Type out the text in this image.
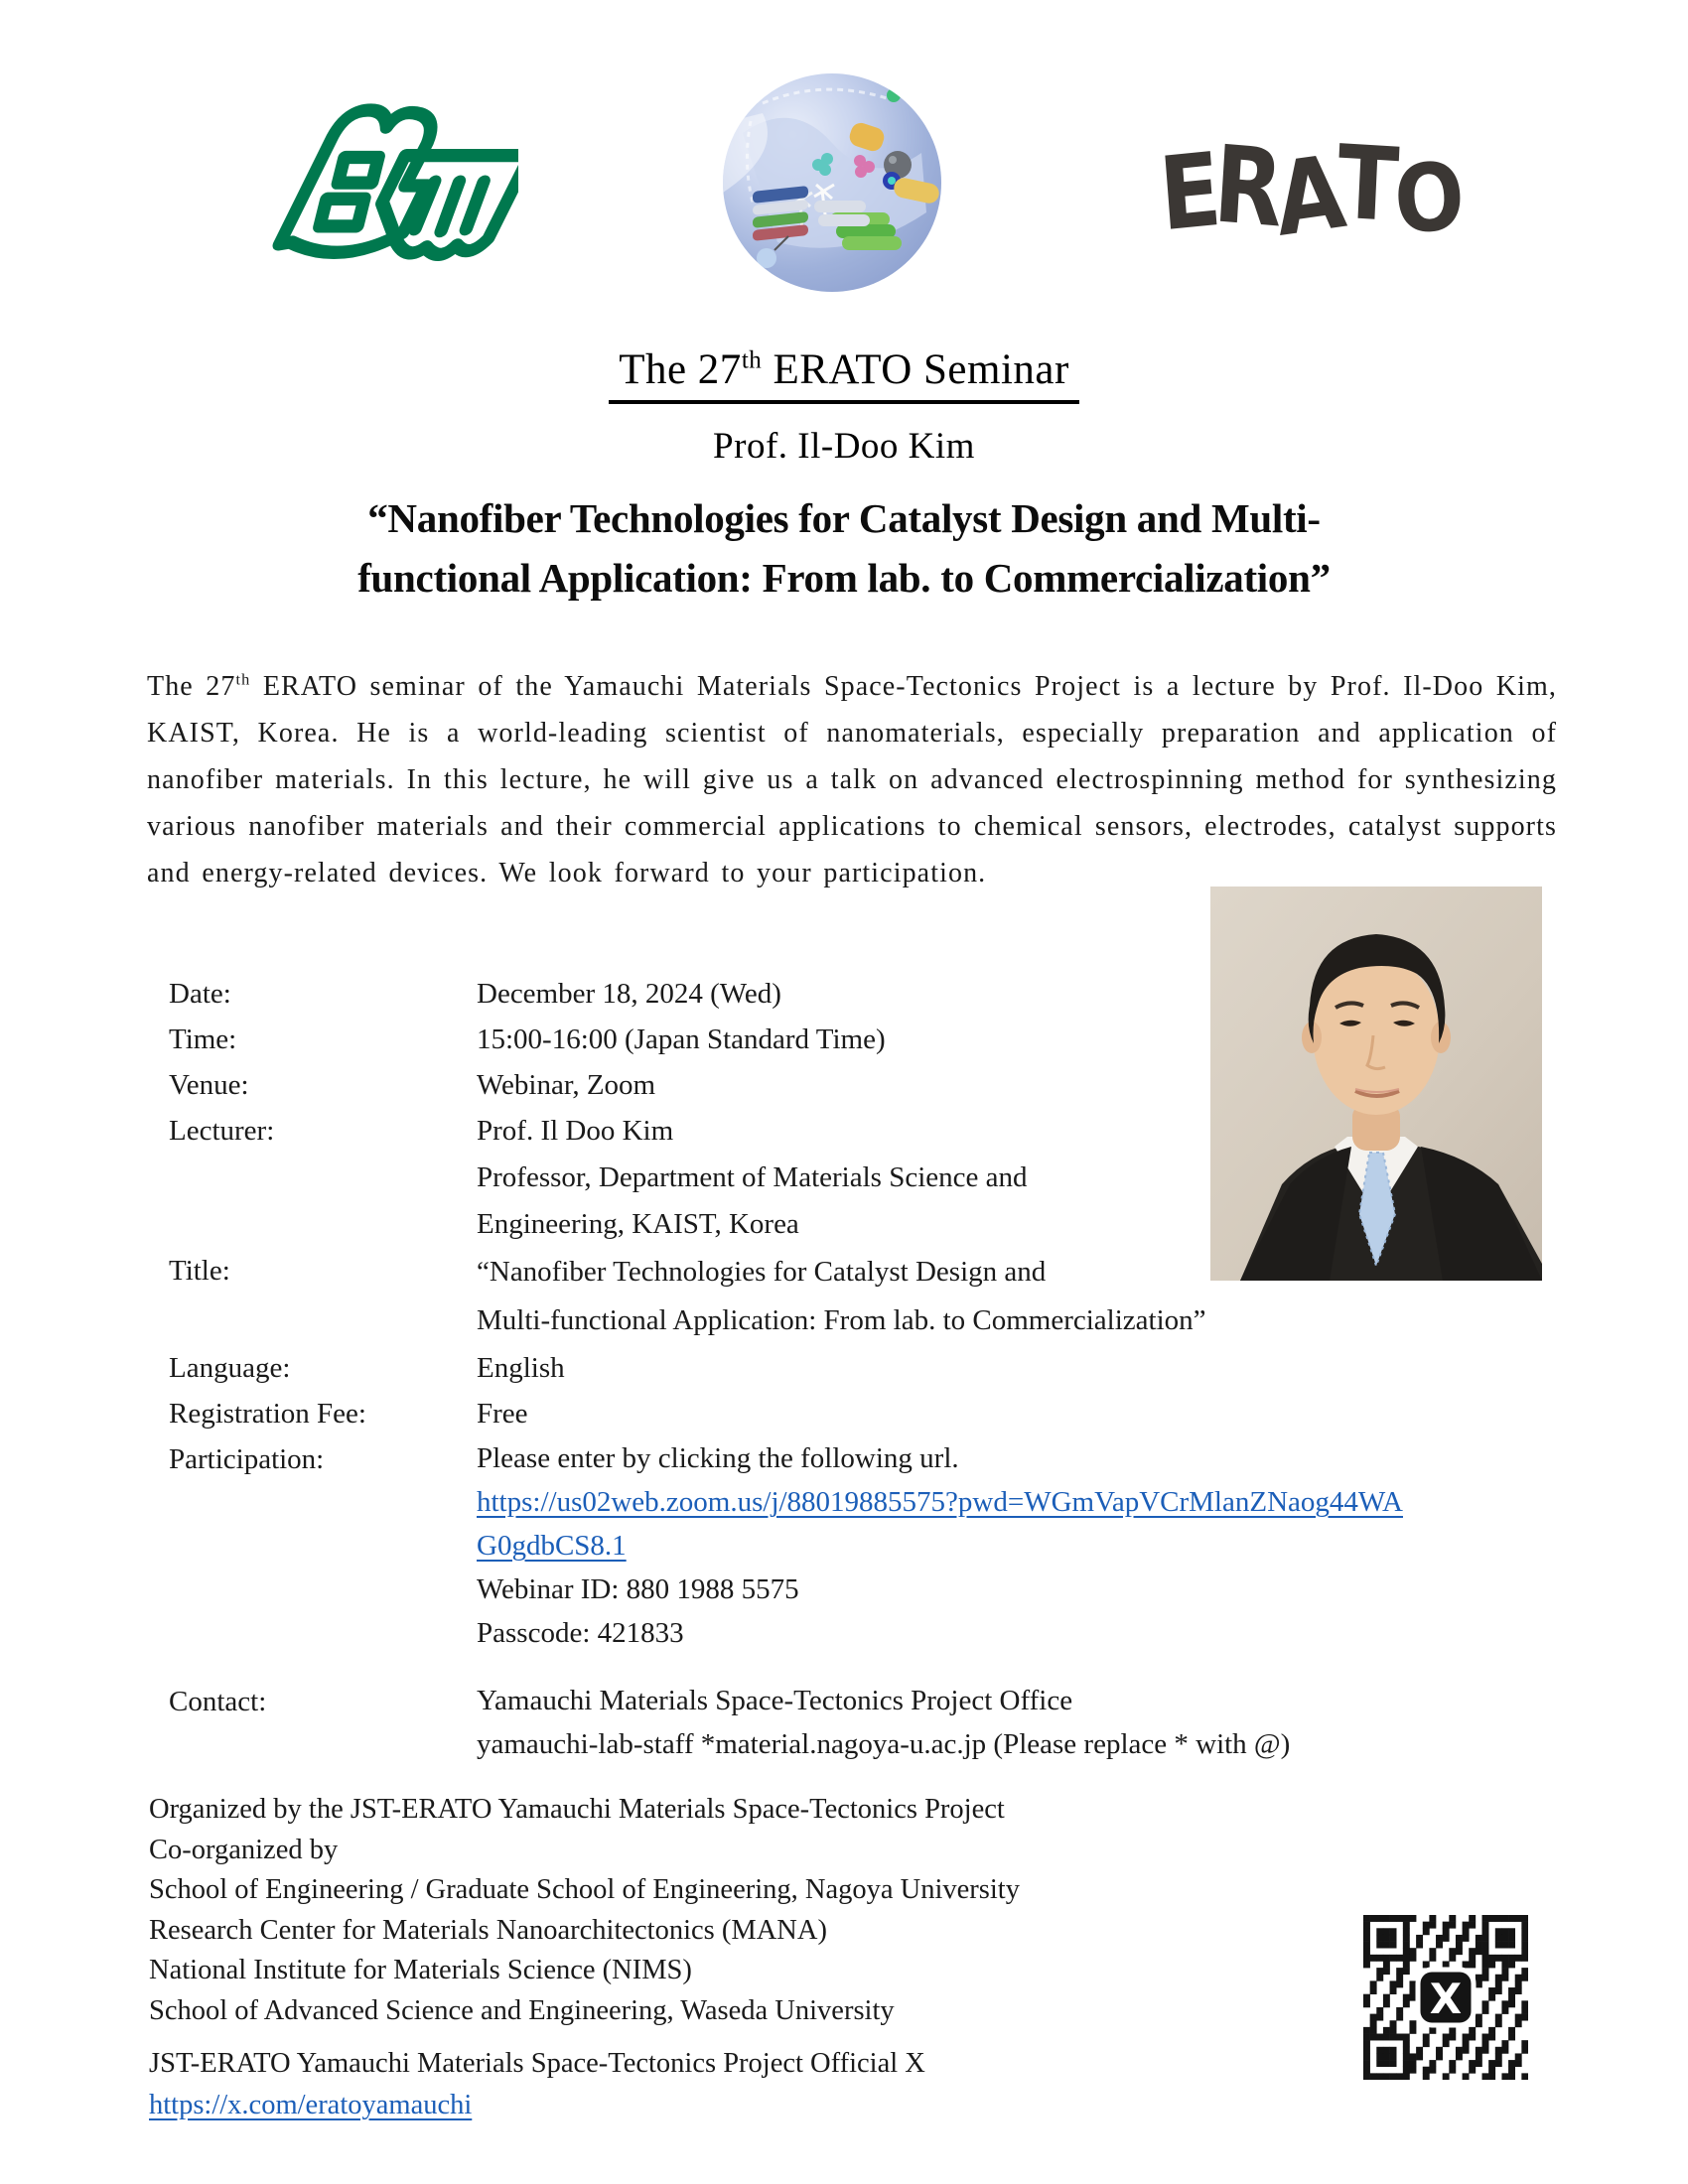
ERATO
The 27th ERATO Seminar
Prof. Il-Doo Kim
“Nanofiber Technologies for Catalyst Design and Multi-
functional Application: From lab. to Commercialization”
The 27th ERATO seminar of the Yamauchi Materials Space-Tectonics Project is a lecture by Prof. Il-Doo Kim, KAIST, Korea. He is a world-leading scientist of nanomaterials, especially preparation and application of nanofiber materials. In this lecture, he will give us a talk on advanced electrospinning method for synthesizing various nanofiber materials and their commercial applications to chemical sensors, electrodes, catalyst supports and energy-related devices. We look forward to your participation.
Date:	December 18, 2024 (Wed)
Time:	15:00-16:00 (Japan Standard Time)
Venue:	Webinar, Zoom
Lecturer:	Prof. Il Doo Kim
Professor, Department of Materials Science and
Engineering, KAIST, Korea
Title:	“Nanofiber Technologies for Catalyst Design and
Multi-functional Application: From lab. to Commercialization”
Language:	English
Registration Fee:	Free
Participation:	Please enter by clicking the following url.
https://us02web.zoom.us/j/88019885575?pwd=WGmVapVCrMlanZNaog44WA
G0gdbCS8.1
Webinar ID: 880 1988 5575
Passcode: 421833
Contact:	Yamauchi Materials Space-Tectonics Project Office
yamauchi-lab-staff *material.nagoya-u.ac.jp (Please replace * with @)
Organized by the JST-ERATO Yamauchi Materials Space-Tectonics Project
Co-organized by
School of Engineering / Graduate School of Engineering, Nagoya University
Research Center for Materials Nanoarchitectonics (MANA)
National Institute for Materials Science (NIMS)
School of Advanced Science and Engineering, Waseda University
JST-ERATO Yamauchi Materials Space-Tectonics Project Official X
https://x.com/eratoyamauchi
X
